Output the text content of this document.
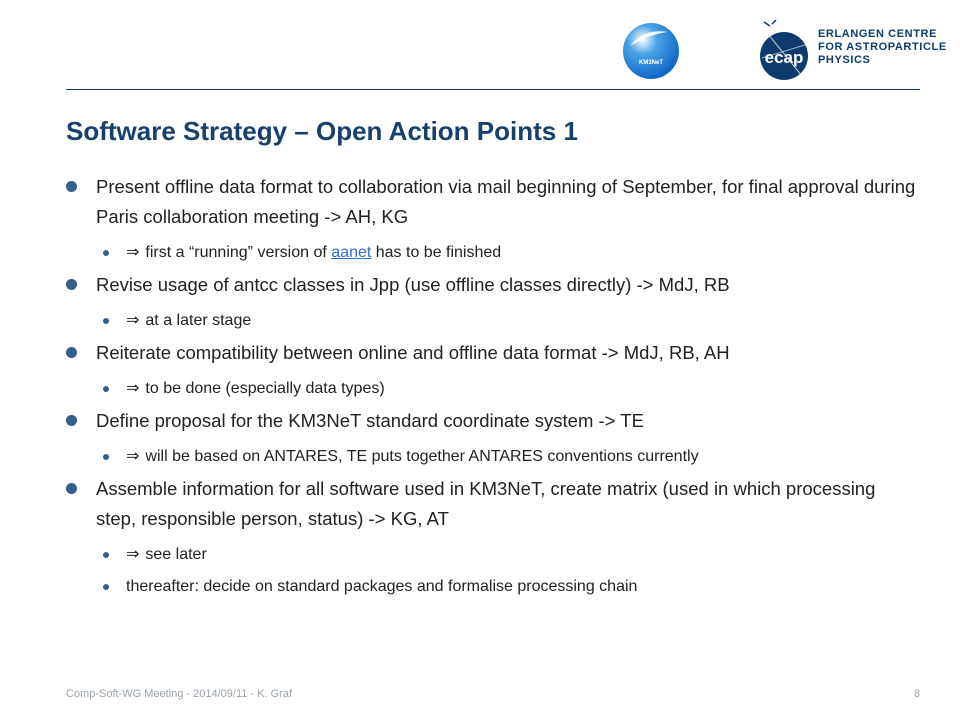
KM3NeT	ecap
ERLANGEN CENTRE
FOR ASTROPARTICLE
PHYSICS
Software Strategy – Open Action Points 1
Present offline data format to collaboration via mail beginning of September, for final approval during Paris collaboration meeting -> AH, KG
⇒ first a “running” version of aanet has to be finished
Revise usage of antcc classes in Jpp (use offline classes directly) -> MdJ, RB
⇒ at a later stage
Reiterate compatibility between online and offline data format -> MdJ, RB, AH
⇒ to be done (especially data types)
Define proposal for the KM3NeT standard coordinate system -> TE
⇒ will be based on ANTARES, TE puts together ANTARES conventions currently
Assemble information for all software used in KM3NeT, create matrix (used in which processing step, responsible person, status) -> KG, AT
⇒ see later
thereafter: decide on standard packages and formalise processing chain
Comp-Soft-WG Meeting - 2014/09/11 - K. Graf	8
